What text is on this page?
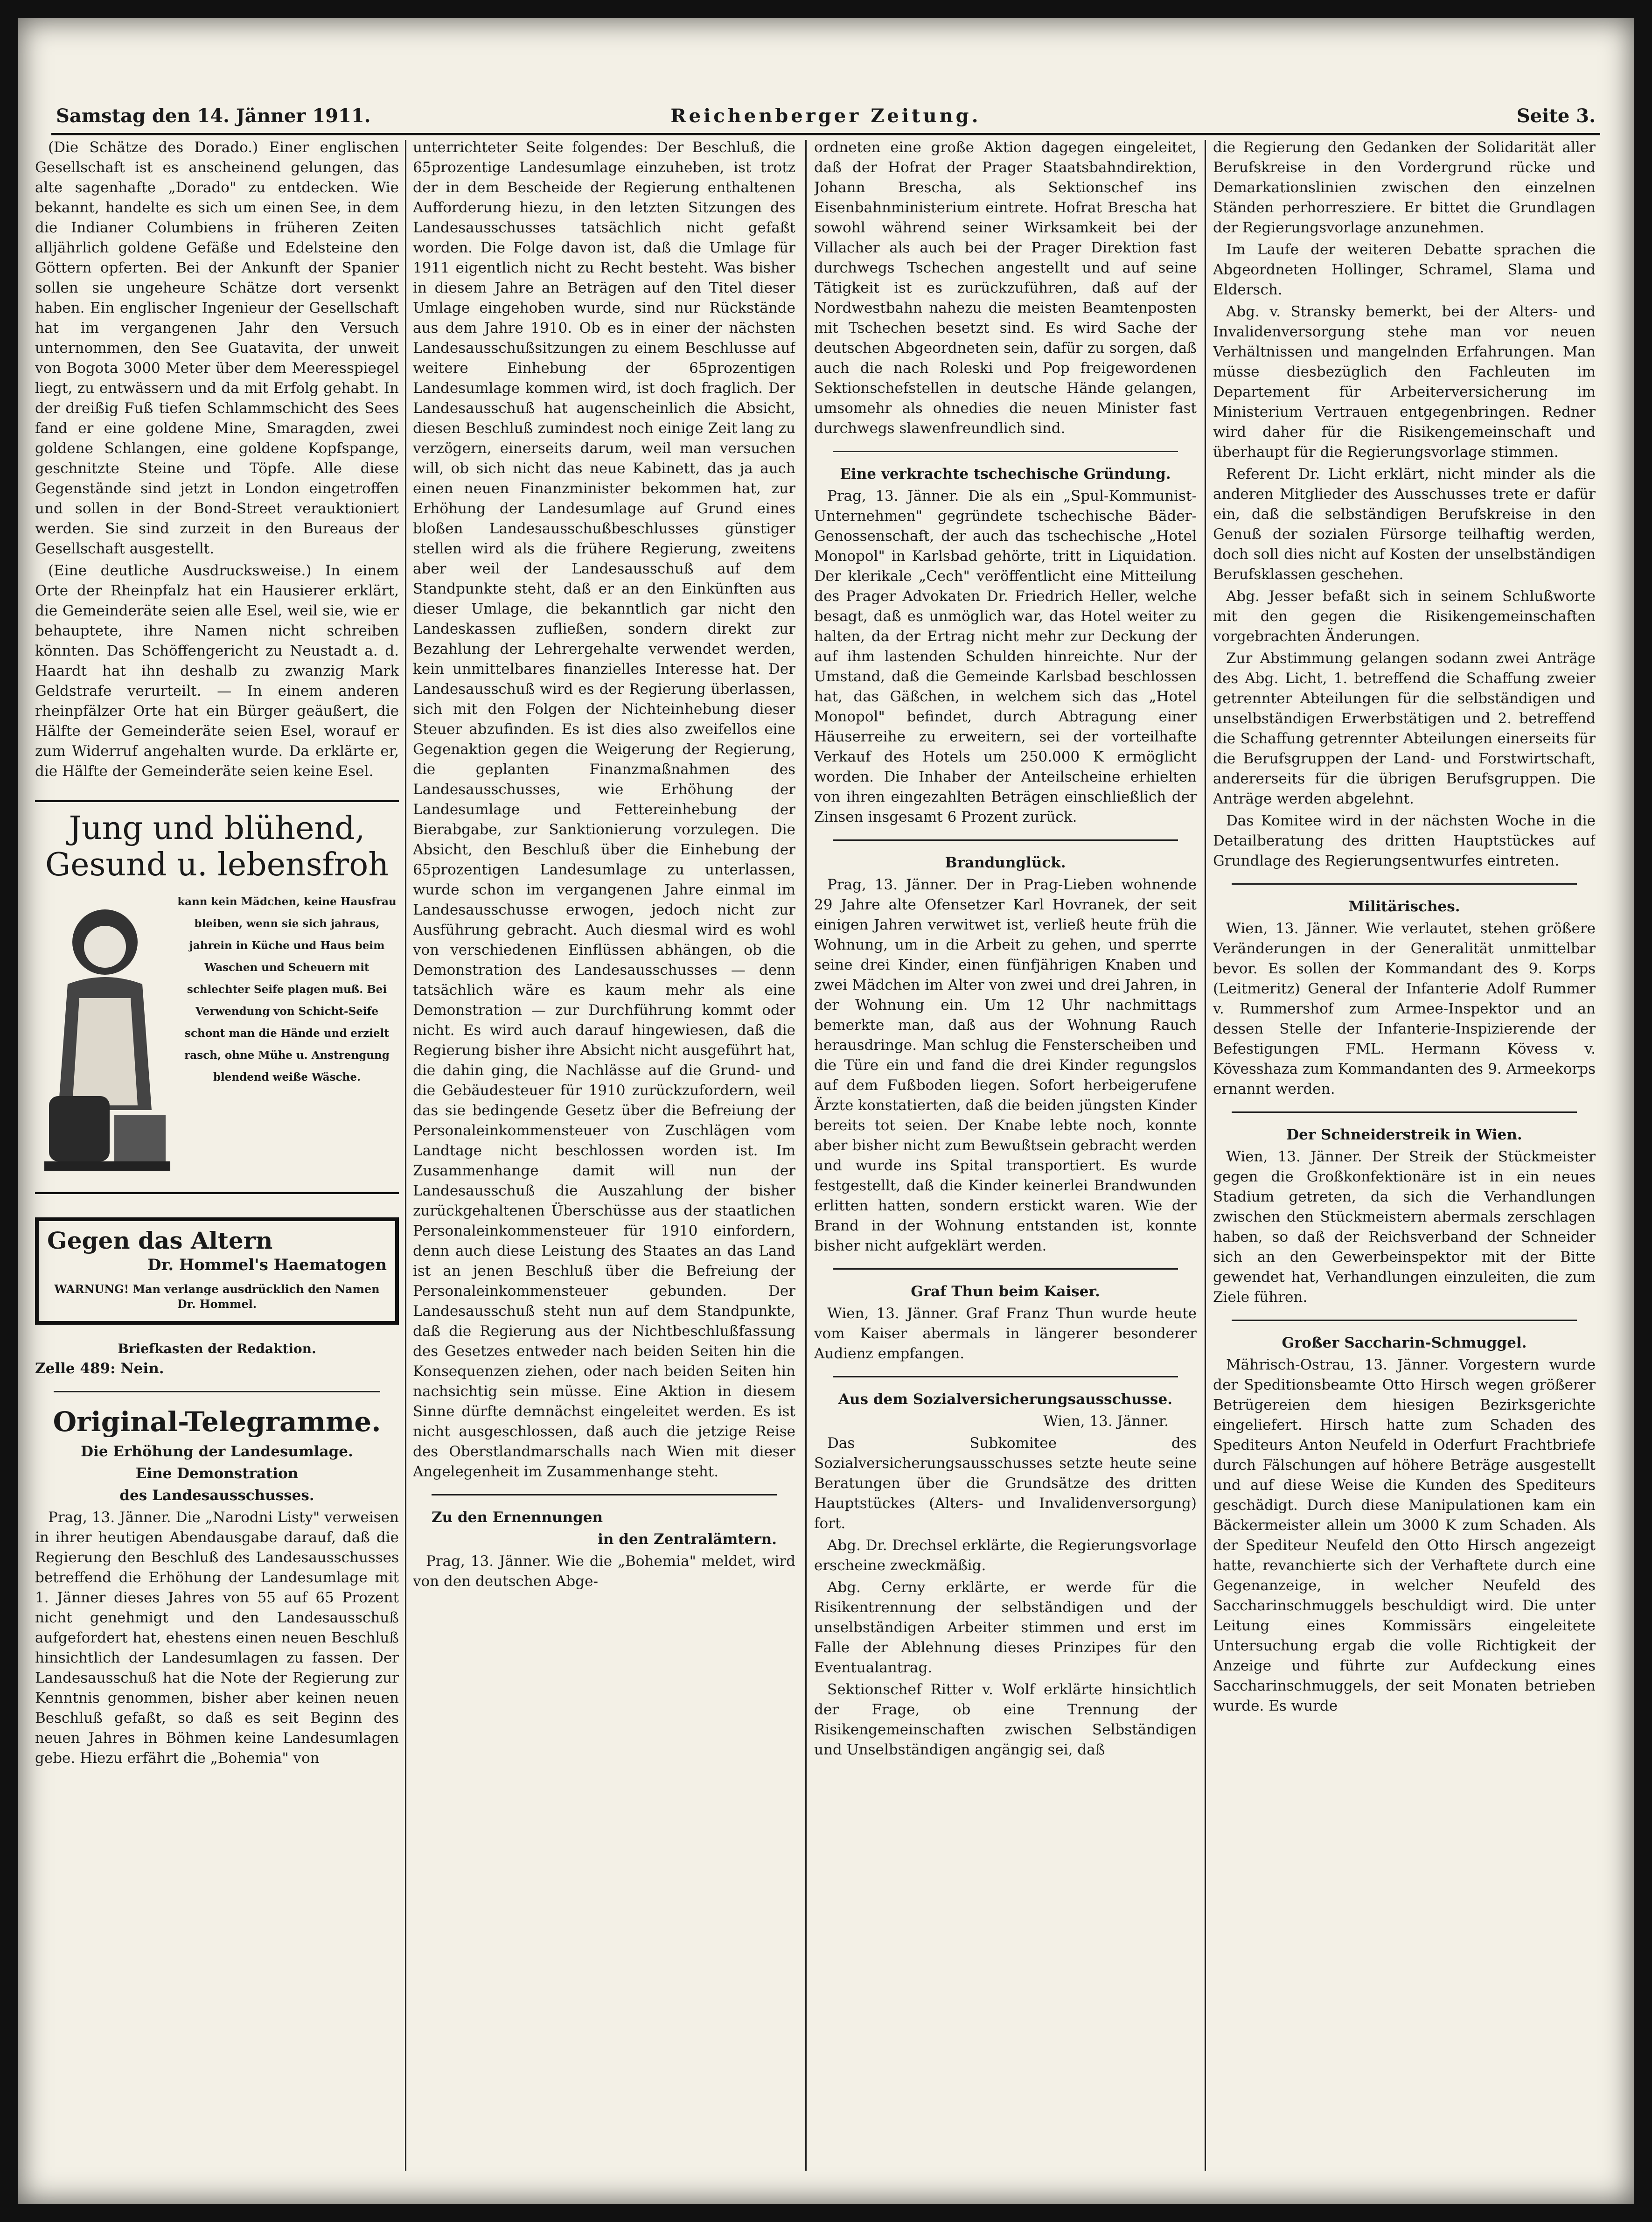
Samstag den 14. Jänner 1911.	Reichenberger Zeitung.	Seite 3.

(Die Schätze des Dorado.) Einer englischen Gesellschaft ist es anscheinend gelungen, das alte sagenhafte „Dorado" zu entdecken. Wie bekannt, handelte es sich um einen See, in dem die Indianer Columbiens in früheren Zeiten alljährlich goldene Gefäße und Edelsteine den Göttern opferten. Bei der Ankunft der Spanier sollen sie ungeheure Schätze dort versenkt haben. Ein englischer Ingenieur der Gesellschaft hat im vergangenen Jahr den Versuch unternommen, den See Guatavita, der unweit von Bogota 3000 Meter über dem Meeresspiegel liegt, zu entwässern und da mit Erfolg gehabt. In der dreißig Fuß tiefen Schlammschicht des Sees fand er eine goldene Mine, Smaragden, zwei goldene Schlangen, eine goldene Kopfspange, geschnitzte Steine und Töpfe. Alle diese Gegenstände sind jetzt in London eingetroffen und sollen in der Bond-Street verauktioniert werden. Sie sind zurzeit in den Bureaus der Gesellschaft ausgestellt.

(Eine deutliche Ausdrucksweise.) In einem Orte der Rheinpfalz hat ein Hausierer erklärt, die Gemeinderäte seien alle Esel, weil sie, wie er behauptete, ihre Namen nicht schreiben könnten. Das Schöffengericht zu Neustadt a. d. Haardt hat ihn deshalb zu zwanzig Mark Geldstrafe verurteilt. — In einem anderen rheinpfälzer Orte hat ein Bürger geäußert, die Hälfte der Gemeinderäte seien Esel, worauf er zum Widerruf angehalten wurde. Da erklärte er, die Hälfte der Gemeinderäte seien keine Esel.

Jung und blühend,
Gesund u. lebensfroh
kann kein Mädchen, keine Hausfrau bleiben, wenn sie sich jahraus, jahrein in Küche und Haus beim Waschen und Scheuern mit schlechter Seife plagen muß. Bei Verwendung von Schicht-Seife schont man die Hände und erzielt rasch, ohne Mühe u. Anstrengung blendend weiße Wäsche.
Gegen das Altern
Dr. Hommel's Haematogen
WARNUNG! Man verlange ausdrücklich den Namen Dr. Hommel.
Briefkasten der Redaktion.
Zelle 489: Nein.
Original-Telegramme.
Die Erhöhung der Landesumlage.
Eine Demonstration
des Landesausschusses.

Prag, 13. Jänner. Die „Narodni Listy" verweisen in ihrer heutigen Abendausgabe darauf, daß die Regierung den Beschluß des Landesausschusses betreffend die Erhöhung der Landesumlage mit 1. Jänner dieses Jahres von 55 auf 65 Prozent nicht genehmigt und den Landesausschuß aufgefordert hat, ehestens einen neuen Beschluß hinsichtlich der Landesumlagen zu fassen. Der Landesausschuß hat die Note der Regierung zur Kenntnis genommen, bisher aber keinen neuen Beschluß gefaßt, so daß es seit Beginn des neuen Jahres in Böhmen keine Landesumlagen gebe. Hiezu erfährt die „Bohemia" von

unterrichteter Seite folgendes: Der Beschluß, die 65prozentige Landesumlage einzuheben, ist trotz der in dem Bescheide der Regierung enthaltenen Aufforderung hiezu, in den letzten Sitzungen des Landesausschusses tatsächlich nicht gefaßt worden. Die Folge davon ist, daß die Umlage für 1911 eigentlich nicht zu Recht besteht. Was bisher in diesem Jahre an Beträgen auf den Titel dieser Umlage eingehoben wurde, sind nur Rückstände aus dem Jahre 1910. Ob es in einer der nächsten Landesausschußsitzungen zu einem Beschlusse auf weitere Einhebung der 65prozentigen Landesumlage kommen wird, ist doch fraglich. Der Landesausschuß hat augenscheinlich die Absicht, diesen Beschluß zumindest noch einige Zeit lang zu verzögern, einerseits darum, weil man versuchen will, ob sich nicht das neue Kabinett, das ja auch einen neuen Finanzminister bekommen hat, zur Erhöhung der Landesumlage auf Grund eines bloßen Landesausschußbeschlusses günstiger stellen wird als die frühere Regierung, zweitens aber weil der Landesausschuß auf dem Standpunkte steht, daß er an den Einkünften aus dieser Umlage, die bekanntlich gar nicht den Landeskassen zufließen, sondern direkt zur Bezahlung der Lehrergehalte verwendet werden, kein unmittelbares finanzielles Interesse hat. Der Landesausschuß wird es der Regierung überlassen, sich mit den Folgen der Nichteinhebung dieser Steuer abzufinden. Es ist dies also zweifellos eine Gegenaktion gegen die Weigerung der Regierung, die geplanten Finanzmaßnahmen des Landesausschusses, wie Erhöhung der Landesumlage und Fettereinhebung der Bierabgabe, zur Sanktionierung vorzulegen. Die Absicht, den Beschluß über die Einhebung der 65prozentigen Landesumlage zu unterlassen, wurde schon im vergangenen Jahre einmal im Landesausschusse erwogen, jedoch nicht zur Ausführung gebracht. Auch diesmal wird es wohl von verschiedenen Einflüssen abhängen, ob die Demonstration des Landesausschusses — denn tatsächlich wäre es kaum mehr als eine Demonstration — zur Durchführung kommt oder nicht. Es wird auch darauf hingewiesen, daß die Regierung bisher ihre Absicht nicht ausgeführt hat, die dahin ging, die Nachlässe auf die Grund- und die Gebäudesteuer für 1910 zurückzufordern, weil das sie bedingende Gesetz über die Befreiung der Personaleinkommensteuer von Zuschlägen vom Landtage nicht beschlossen worden ist. Im Zusammenhange damit will nun der Landesausschuß die Auszahlung der bisher zurückgehaltenen Überschüsse aus der staatlichen Personaleinkommensteuer für 1910 einfordern, denn auch diese Leistung des Staates an das Land ist an jenen Beschluß über die Befreiung der Personaleinkommensteuer gebunden. Der Landesausschuß steht nun auf dem Standpunkte, daß die Regierung aus der Nichtbeschlußfassung des Gesetzes entweder nach beiden Seiten hin die Konsequenzen ziehen, oder nach beiden Seiten hin nachsichtig sein müsse. Eine Aktion in diesem Sinne dürfte demnächst eingeleitet werden. Es ist nicht ausgeschlossen, daß auch die jetzige Reise des Oberstlandmarschalls nach Wien mit dieser Angelegenheit im Zusammenhange steht.

Zu den Ernennungen
in den Zentralämtern.

Prag, 13. Jänner. Wie die „Bohemia" meldet, wird von den deutschen Abge-

ordneten eine große Aktion dagegen eingeleitet, daß der Hofrat der Prager Staatsbahndirektion, Johann Brescha, als Sektionschef ins Eisenbahnministerium eintrete. Hofrat Brescha hat sowohl während seiner Wirksamkeit bei der Villacher als auch bei der Prager Direktion fast durchwegs Tschechen angestellt und auf seine Tätigkeit ist es zurückzuführen, daß auf der Nordwestbahn nahezu die meisten Beamtenposten mit Tschechen besetzt sind. Es wird Sache der deutschen Abgeordneten sein, dafür zu sorgen, daß auch die nach Roleski und Pop freigewordenen Sektionschefstellen in deutsche Hände gelangen, umsomehr als ohnedies die neuen Minister fast durchwegs slawenfreundlich sind.

Eine verkrachte tschechische Gründung.

Prag, 13. Jänner. Die als ein „Spul-Kommunist-Unternehmen" gegründete tschechische Bäder-Genossenschaft, der auch das tschechische „Hotel Monopol" in Karlsbad gehörte, tritt in Liquidation. Der klerikale „Cech" veröffentlicht eine Mitteilung des Prager Advokaten Dr. Friedrich Heller, welche besagt, daß es unmöglich war, das Hotel weiter zu halten, da der Ertrag nicht mehr zur Deckung der auf ihm lastenden Schulden hinreichte. Nur der Umstand, daß die Gemeinde Karlsbad beschlossen hat, das Gäßchen, in welchem sich das „Hotel Monopol" befindet, durch Abtragung einer Häuserreihe zu erweitern, sei der vorteilhafte Verkauf des Hotels um 250.000 K ermöglicht worden. Die Inhaber der Anteilscheine erhielten von ihren eingezahlten Beträgen einschließlich der Zinsen insgesamt 6 Prozent zurück.

Brandunglück.

Prag, 13. Jänner. Der in Prag-Lieben wohnende 29 Jahre alte Ofensetzer Karl Hovranek, der seit einigen Jahren verwitwet ist, verließ heute früh die Wohnung, um in die Arbeit zu gehen, und sperrte seine drei Kinder, einen fünfjährigen Knaben und zwei Mädchen im Alter von zwei und drei Jahren, in der Wohnung ein. Um 12 Uhr nachmittags bemerkte man, daß aus der Wohnung Rauch herausdringe. Man schlug die Fensterscheiben und die Türe ein und fand die drei Kinder regungslos auf dem Fußboden liegen. Sofort herbeigerufene Ärzte konstatierten, daß die beiden jüngsten Kinder bereits tot seien. Der Knabe lebte noch, konnte aber bisher nicht zum Bewußtsein gebracht werden und wurde ins Spital transportiert. Es wurde festgestellt, daß die Kinder keinerlei Brandwunden erlitten hatten, sondern erstickt waren. Wie der Brand in der Wohnung entstanden ist, konnte bisher nicht aufgeklärt werden.

Graf Thun beim Kaiser.

Wien, 13. Jänner. Graf Franz Thun wurde heute vom Kaiser abermals in längerer besonderer Audienz empfangen.

Aus dem Sozialversicherungsausschusse.
Wien, 13. Jänner.

Das Subkomitee des Sozialversicherungsausschusses setzte heute seine Beratungen über die Grundsätze des dritten Hauptstückes (Alters- und Invalidenversorgung) fort.

Abg. Dr. Drechsel erklärte, die Regierungsvorlage erscheine zweckmäßig.

Abg. Cerny erklärte, er werde für die Risikentrennung der selbständigen und der unselbständigen Arbeiter stimmen und erst im Falle der Ablehnung dieses Prinzipes für den Eventualantrag.

Sektionschef Ritter v. Wolf erklärte hinsichtlich der Frage, ob eine Trennung der Risikengemeinschaften zwischen Selbständigen und Unselbständigen angängig sei, daß

die Regierung den Gedanken der Solidarität aller Berufskreise in den Vordergrund rücke und Demarkationslinien zwischen den einzelnen Ständen perhorresziere. Er bittet die Grundlagen der Regierungsvorlage anzunehmen.

Im Laufe der weiteren Debatte sprachen die Abgeordneten Hollinger, Schramel, Slama und Eldersch.

Abg. v. Stransky bemerkt, bei der Alters- und Invalidenversorgung stehe man vor neuen Verhältnissen und mangelnden Erfahrungen. Man müsse diesbezüglich den Fachleuten im Departement für Arbeiterversicherung im Ministerium Vertrauen entgegenbringen. Redner wird daher für die Risikengemeinschaft und überhaupt für die Regierungsvorlage stimmen.

Referent Dr. Licht erklärt, nicht minder als die anderen Mitglieder des Ausschusses trete er dafür ein, daß die selbständigen Berufskreise in den Genuß der sozialen Fürsorge teilhaftig werden, doch soll dies nicht auf Kosten der unselbständigen Berufsklassen geschehen.

Abg. Jesser befaßt sich in seinem Schlußworte mit den gegen die Risikengemeinschaften vorgebrachten Änderungen.

Zur Abstimmung gelangen sodann zwei Anträge des Abg. Licht, 1. betreffend die Schaffung zweier getrennter Abteilungen für die selbständigen und unselbständigen Erwerbstätigen und 2. betreffend die Schaffung getrennter Abteilungen einerseits für die Berufsgruppen der Land- und Forstwirtschaft, andererseits für die übrigen Berufsgruppen. Die Anträge werden abgelehnt.

Das Komitee wird in der nächsten Woche in die Detailberatung des dritten Hauptstückes auf Grundlage des Regierungsentwurfes eintreten.

Militärisches.

Wien, 13. Jänner. Wie verlautet, stehen größere Veränderungen in der Generalität unmittelbar bevor. Es sollen der Kommandant des 9. Korps (Leitmeritz) General der Infanterie Adolf Rummer v. Rummershof zum Armee-Inspektor und an dessen Stelle der Infanterie-Inspizierende der Befestigungen FML. Hermann Kövess v. Kövesshaza zum Kommandanten des 9. Armeekorps ernannt werden.

Der Schneiderstreik in Wien.

Wien, 13. Jänner. Der Streik der Stückmeister gegen die Großkonfektionäre ist in ein neues Stadium getreten, da sich die Verhandlungen zwischen den Stückmeistern abermals zerschlagen haben, so daß der Reichsverband der Schneider sich an den Gewerbeinspektor mit der Bitte gewendet hat, Verhandlungen einzuleiten, die zum Ziele führen.

Großer Saccharin-Schmuggel.

Mährisch-Ostrau, 13. Jänner. Vorgestern wurde der Speditionsbeamte Otto Hirsch wegen größerer Betrügereien dem hiesigen Bezirksgerichte eingeliefert. Hirsch hatte zum Schaden des Spediteurs Anton Neufeld in Oderfurt Frachtbriefe durch Fälschungen auf höhere Beträge ausgestellt und auf diese Weise die Kunden des Spediteurs geschädigt. Durch diese Manipulationen kam ein Bäckermeister allein um 3000 K zum Schaden. Als der Spediteur Neufeld den Otto Hirsch angezeigt hatte, revanchierte sich der Verhaftete durch eine Gegenanzeige, in welcher Neufeld des Saccharinschmuggels beschuldigt wird. Die unter Leitung eines Kommissärs eingeleitete Untersuchung ergab die volle Richtigkeit der Anzeige und führte zur Aufdeckung eines Saccharinschmuggels, der seit Monaten betrieben wurde. Es wurde
